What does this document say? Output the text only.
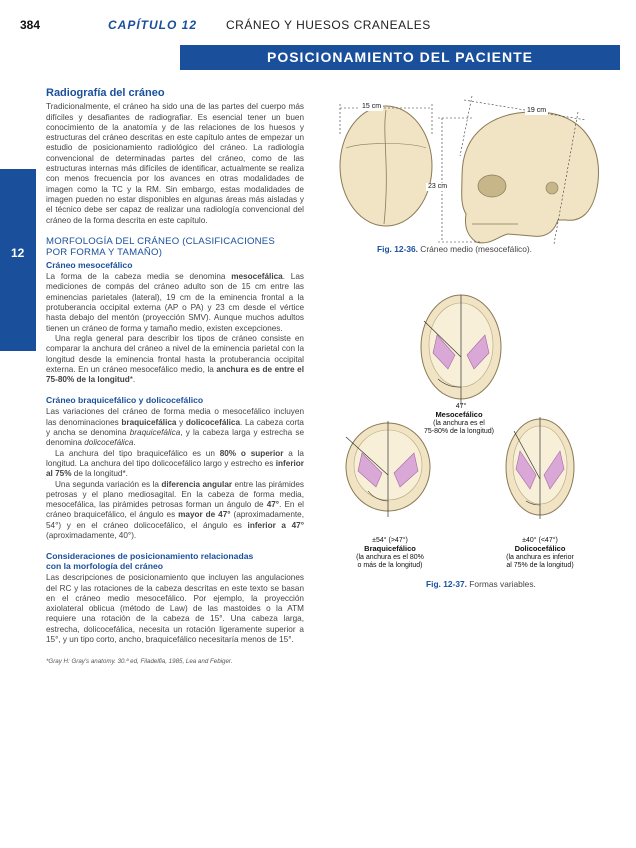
384	CAPÍTULO 12 CRÁNEO Y HUESOS CRANEALES
POSICIONAMIENTO DEL PACIENTE
12
Radiografía del cráneo

Tradicionalmente, el cráneo ha sido una de las partes del cuerpo más difíciles y desafiantes de radiografiar. Es esencial tener un buen conocimiento de la anatomía y de las relaciones de los huesos y estructuras del cráneo descritas en este capítulo antes de empezar un estudio de posicionamiento radiológico del cráneo. La radiología convencional de determinadas partes del cráneo, como de las estructuras internas más difíciles de identificar, actualmente se realiza con menos frecuencia por los avances en otras modalidades de imagen como la TC y la RM. Sin embargo, estas modalidades de imagen pueden no estar disponibles en algunas áreas más aisladas y el técnico debe ser capaz de realizar una radiología convencional del cráneo de la forma descrita en este capítulo.

MORFOLOGÍA DEL CRÁNEO (CLASIFICACIONES
POR FORMA Y TAMAÑO)
Cráneo mesocefálico

La forma de la cabeza media se denomina mesocefálica. Las mediciones de compás del cráneo adulto son de 15 cm entre las eminencias parietales (lateral), 19 cm de la eminencia frontal a la protuberancia occipital externa (AP o PA) y 23 cm desde el vértice hasta debajo del mentón (proyección SMV). Aunque muchos adultos tienen un cráneo de forma y tamaño medio, existen excepciones.

Una regla general para describir los tipos de cráneo consiste en comparar la anchura del cráneo a nivel de la eminencia parietal con la longitud desde la eminencia frontal hasta la protuberancia occipital externa. En un cráneo mesocefálico medio, la anchura es de entre el 75-80% de la longitud*.

Cráneo braquicefálico y dolicocefálico

Las variaciones del cráneo de forma media o mesocefálico incluyen las denominaciones braquicefálica y dolicocefálica. La cabeza corta y ancha se denomina braquicefálica, y la cabeza larga y estrecha se denomina dolicocefálica.

La anchura del tipo braquicefálico es un 80% o superior a la longitud. La anchura del tipo dolicocefálico largo y estrecho es inferior al 75% de la longitud*.

Una segunda variación es la diferencia angular entre las pirámides petrosas y el plano mediosagital. En la cabeza de forma media, mesocefálica, las pirámides petrosas forman un ángulo de 47°. En el cráneo braquicefálico, el ángulo es mayor de 47° (aproximadamente, 54°) y en el cráneo dolicocefálico, el ángulo es inferior a 47° (aproximadamente, 40°).

Consideraciones de posicionamiento relacionadas
con la morfología del cráneo

Las descripciones de posicionamiento que incluyen las angulaciones del RC y las rotaciones de la cabeza descritas en este texto se basan en el cráneo medio mesocefálico. Por ejemplo, la proyección axiolateral oblicua (método de Law) de las mastoides o la ATM requiere una rotación de la cabeza de 15°. Una cabeza larga, estrecha, dolicocefálica, necesita un rotación ligeramente superior a 15°, y un tipo corto, ancho, braquicefálico necesitaría menos de 15°.

*Gray H: Gray's anatomy. 30.ª ed, Filadelfia, 1985, Lea and Febiger.

15 cm
19 cm
23 cm
Fig. 12-36. Cráneo medio (mesocefálico).
47°
Mesocefálico
(la anchura es el
75-80% de la longitud)
±54° (>47°)
Braquicefálico
(la anchura es el 80%
o más de la longitud)
±40° (<47°)
Dolicocefálico
(la anchura es inferior
al 75% de la longitud)
Fig. 12-37. Formas variables.
